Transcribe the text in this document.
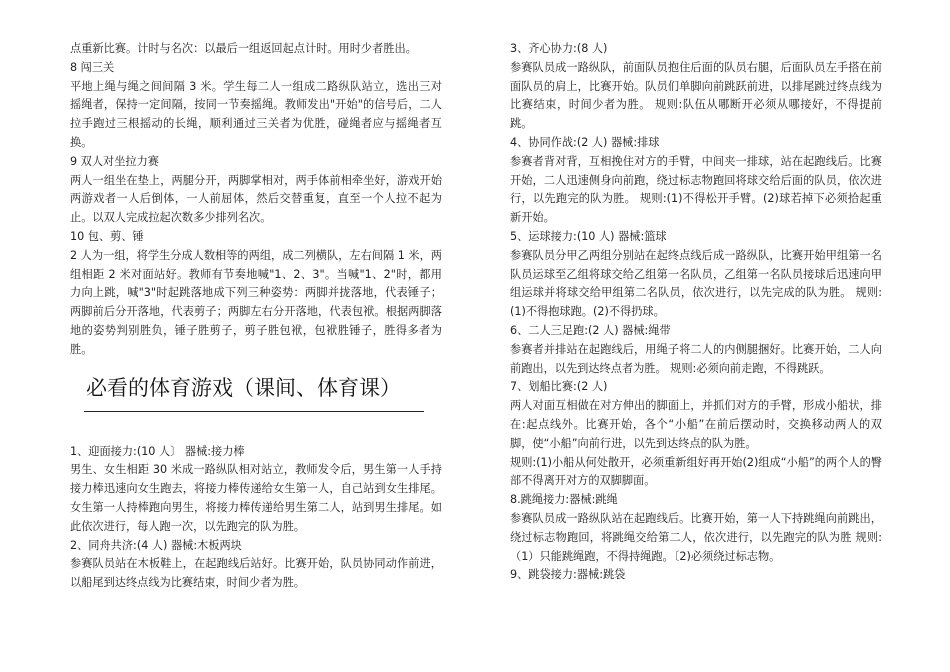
点重新比赛。计时与名次：以最后一组返回起点计时。用时少者胜出。

8 闯三关

平地上绳与绳之间间隔 3 米。学生每二人一组成二路纵队站立，选出三对摇绳者，保持一定间隔，按同一节奏摇绳。教师发出"开始"的信号后，二人拉手跑过三根摇动的长绳，顺利通过三关者为优胜，碰绳者应与摇绳者互换。

9 双人对坐拉力赛

两人一组坐在垫上，两腿分开，两脚掌相对，两手体前相牵坐好，游戏开始两游戏者一人后倒体，一人前屈体，然后交替重复，直至一个人拉不起为止。以双人完成拉起次数多少排列名次。

10 包、剪、锤

2 人为一组，将学生分成人数相等的两组，成二列横队，左右间隔 1 米，两组相距 2 米对面站好。教师有节奏地喊"1、2、3"。当喊"1、2"时，都用力向上跳，喊"3"时起跳落地成下列三种姿势：两脚并拢落地，代表锤子；两脚前后分开落地，代表剪子；两脚左右分开落地，代表包袱。根据两脚落地的姿势判别胜负，锤子胜剪子，剪子胜包袱，包袱胜锤子，胜得多者为胜。

必看的体育游戏（课间、体育课）

1、迎面接力:(10 人〕 器械:接力棒

男生、女生相距 30 米成一路纵队相对站立，教师发令后，男生第一人手持接力棒迅速向女生跑去，将接力棒传递给女生第一人，自己站到女生排尾。女生第一人持棒跑向男生，将接力棒传递给男生第二人，站到男生排尾。如此依次进行，每人跑一次，以先跑完的队为胜。

2、同舟共济:(4 人) 器械:木板两块

参赛队员站在木板鞋上，在起跑线后站好。比赛开始，队员协同动作前进，以船尾到达终点线为比赛结束，时间少者为胜。

3、齐心协力:(8 人)

参赛队员成一路纵队，前面队员抱住后面的队员右腿，后面队员左手搭在前面队员的肩上，比赛开始。队员们单脚向前跳跃前进，以排尾跳过终点线为比赛结束，时间少者为胜。 规则:队伍从哪断开必须从哪接好，不得提前跳。

4、协同作战:(2 人) 器械:排球

参赛者背对背，互相挽住对方的手臂，中间夹一排球，站在起跑线后。比赛开始，二人迅速侧身向前跑，绕过标志物跑回将球交给后面的队员，依次进行，以先跑完的队为胜。 规则:(1)不得松开手臂。(2)球若掉下必须拾起重新开始。

5、运球接力:(10 人) 器械:篮球

参赛队员分甲乙两组分别站在起终点线后成一路纵队，比赛开始甲组第一名队员运球至乙组将球交给乙组第一名队员，乙组第一名队员接球后迅速向甲组运球并将球交给甲组第二名队员，依次进行，以先完成的队为胜。 规则:(1)不得抱球跑。(2)不得扔球。

6、二人三足跑:(2 人) 器械:绳带

参赛者并排站在起跑线后，用绳子将二人的内侧腿捆好。比赛开始，二人向前跑出，以先到达终点者为胜。 规则:必须向前走跑，不得跳跃。

7、划船比赛:(2 人)

两人对面互相做在对方伸出的脚面上，并抓们对方的手臂，形成小船状，排在:起点线外。比赛开始，各个“小船”在前后摆动时，交换移动两人的双脚，使“小船”向前行进，以先到达终点的队为胜。

规则:(1)小船从何处散开，必须重新组好再开始(2)组成“小船”的两个人的臀部不得离开对方的双脚脚面。

8.跳绳接力:器械:跳绳

参赛队员成一路纵队站在起跑线后。比赛开始，第一人下持跳绳向前跳出，绕过标志物跑回，将跳绳交给第二人，依次进行，以先跑完的队为胜 规则:（1）只能跳绳跑，不得持绳跑。〔2)必须绕过标志物。

9、跳袋接力:器械:跳袋
